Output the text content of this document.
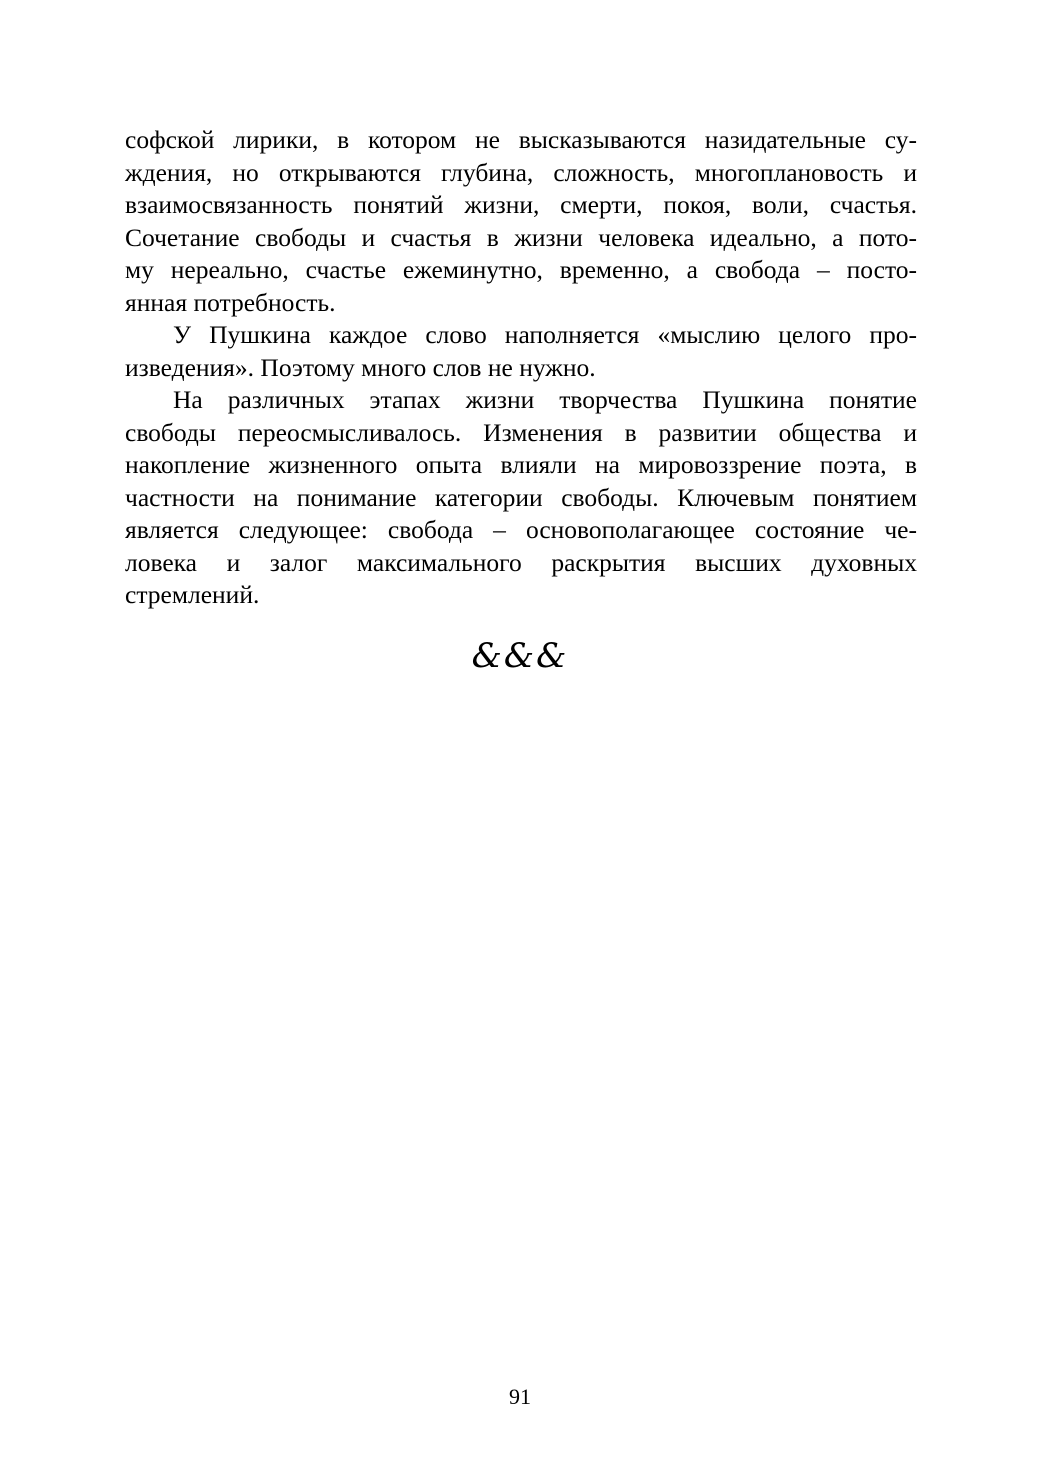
софской лирики, в котором не высказываются назидательные су-
ждения, но открываются глубина, сложность, многоплановость и
взаимосвязанность понятий жизни, смерти, покоя, воли, счастья.
Сочетание свободы и счастья в жизни человека идеально, а пото-
му нереально, счастье ежеминутно, временно, а свобода – посто-
янная потребность.
У Пушкина каждое слово наполняется «мыслию целого про-
изведения». Поэтому много слов не нужно.
На различных этапах жизни творчества Пушкина понятие
свободы переосмысливалось. Изменения в развитии общества и
накопление жизненного опыта влияли на мировоззрение поэта, в
частности на понимание категории свободы. Ключевым понятием
является следующее: свобода – основополагающее состояние че-
ловека и залог максимального раскрытия высших духовных
стремлений.
&&&
91
